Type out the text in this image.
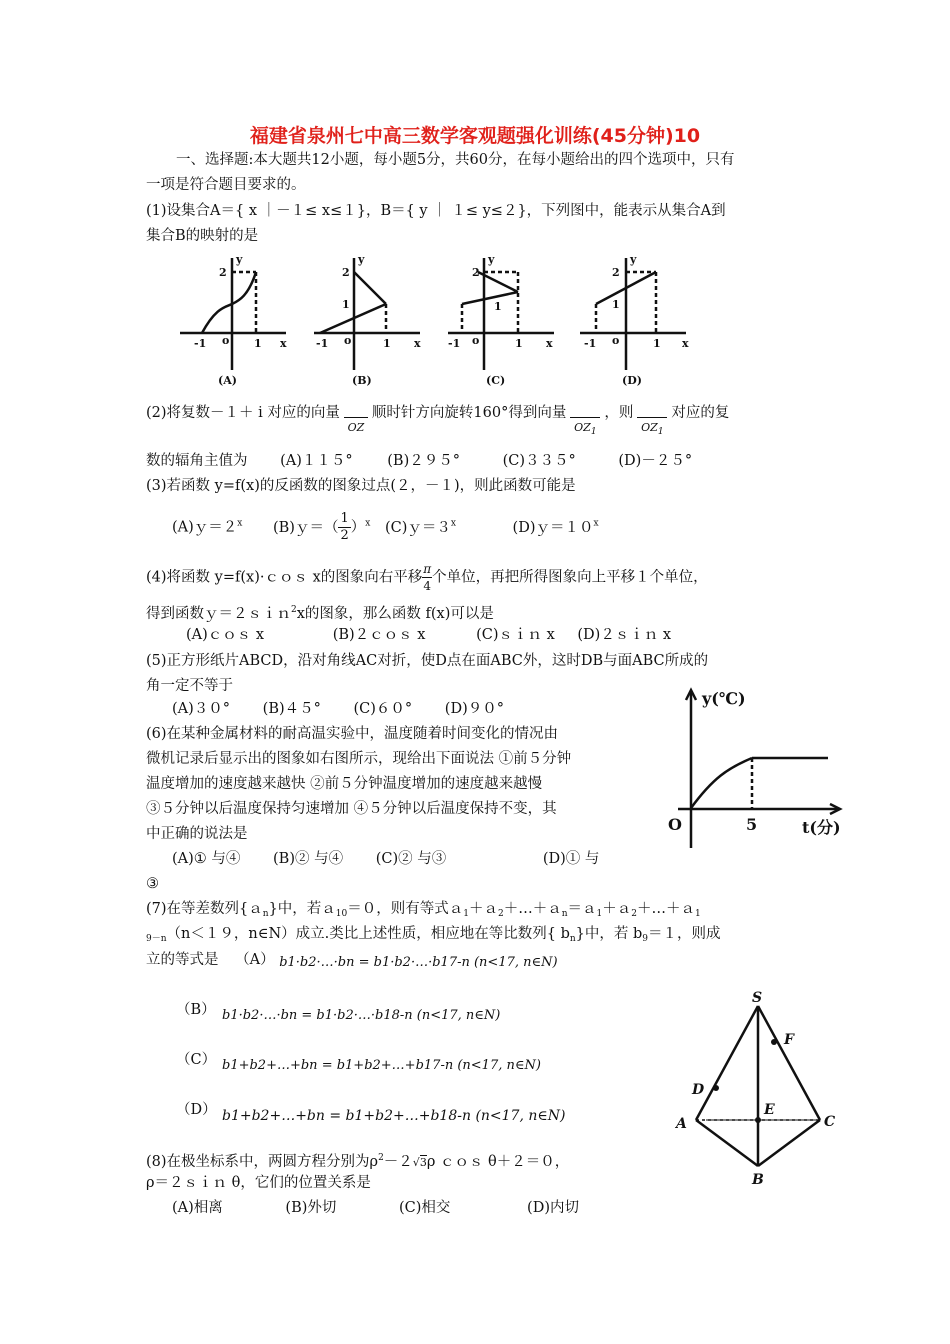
福建省泉州七中高三数学客观题强化训练(45分钟)10
一、选择题:本大题共12小题，每小题5分，共60分，在每小题给出的四个选项中，只有
一项是符合题目要求的。
(1)设集合A＝{ x ｜－１≤ x≤１}，B＝{ y ｜ １≤ y≤２}，下列图中，能表示从集合A到
集合B的映射的是
-1 o 1 x
2
y
(A)
-1 o	1 x
2
1
y
(B)
-1 o	1 x
2
1
y
(C)
-1 o	1 x
2
1
y
(D)
(2)将复数－１＋ i 对应的向量OZ顺时针方向旋转160°得到向量$OZ_1$，则$OZ_1$对应的复
数的辐角主值为 (A)１１５° (B)２９５°	(C)３３５°	(D)－２５°
(3)若函数 y=f(x)的反函数的图象过点(２，－１)，则此函数可能是
$(A)y=2^x$ (B)ｙ＝（ $\frac{1}{2} )^x$ $(C)y=3^x$	$(D)y=10^x$
(4)将函数 y=f(x)·ｃｏｓ x的图象向右平移 $\frac{\pi}{4}$ 个单位，再把所得图象向上平移１个单位，
得到函数ｙ＝２ｓｉｎ$^2$x的图象，那么函数 f(x)可以是
(A)ｃｏｓ x	(B)２ｃｏｓ x	(C)ｓｉｎ x (D)２ｓｉｎ x
(5)正方形纸片ABCD，沿对角线AC对折，使D点在面ABC外，这时DB与面ABC所成的
角一定不等于
(A)３０° (B)４５° (C)６０° (D)９０°
(6)在某种金属材料的耐高温实验中，温度随着时间变化的情况由
微机记录后显示出的图象如右图所示，现给出下面说法 ①前５分钟
温度增加的速度越来越快 ②前５分钟温度增加的速度越来越慢
③５分钟以后温度保持匀速增加 ④５分钟以后温度保持不变，其
中正确的说法是
(A)① 与④ (B)② 与④ (C)② 与③	(D)① 与
③
y(℃)
O	5	t(分)
(7)在等差数列{ａ$_n$}中，若ａ$_{10}$＝０，则有等式ａ$_1$＋ａ$_2$＋…＋ａ$_n$＝ａ$_1$＋ａ$_2$＋…＋ａ$_1$
$_{9-n}$（n＜１９，n∈N）成立.类比上述性质，相应地在等比数列{ $b_n$}中，若 $b_9=1$，则成
立的等式是 （A） b1·b2·…·bn = b1·b2·…·b17-n (n<17, n∈N)
（B） b1·b2·…·bn = b1·b2·…·b18-n (n<17, n∈N)
（C） b1+b2+…+bn = b1+b2+…+b17-n (n<17, n∈N)
（D） b1+b2+…+bn = b1+b2+…+b18-n (n<17, n∈N)
(8)在极坐标系中，两圆方程分别为$\rho^2-2√3\rho$ ｃｏｓ θ＋２＝０，
ρ＝２ｓｉｎ θ，它们的位置关系是
(A)相离	(B)外切	(C)相交	(D)内切
S
F
D
E
A	C
B
